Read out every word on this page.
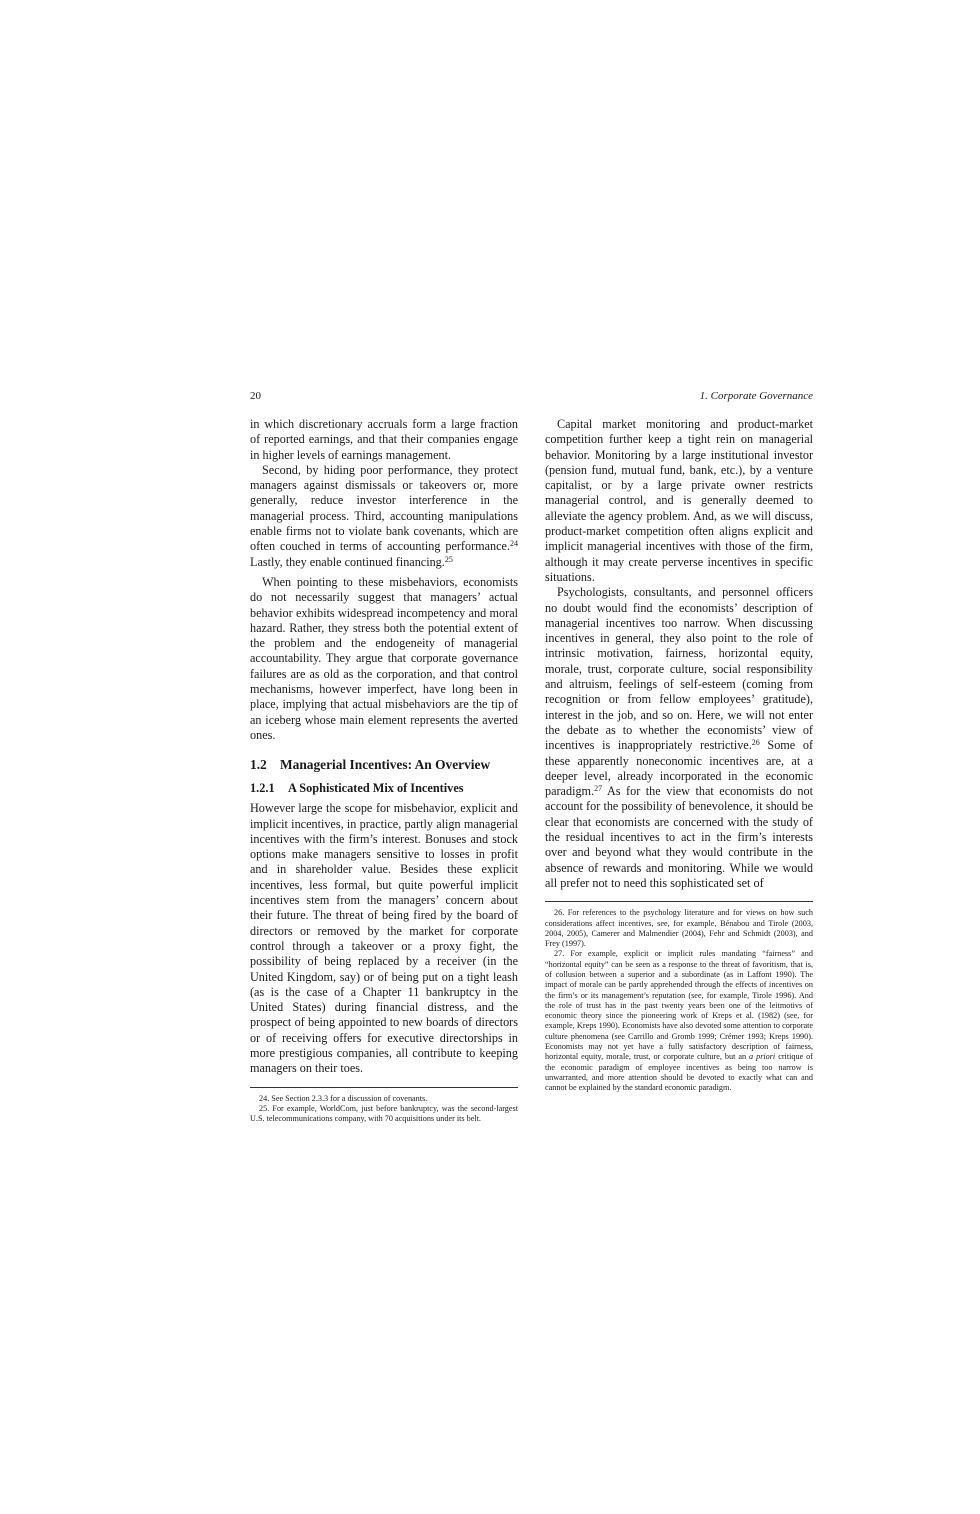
20	1. Corporate Governance

in which discretionary accruals form a large fraction of reported earnings, and that their companies engage in higher levels of earnings management.

Second, by hiding poor performance, they protect managers against dismissals or takeovers or, more generally, reduce investor interference in the managerial process. Third, accounting manipulations enable firms not to violate bank covenants, which are often couched in terms of accounting performance.$^{24}$ Lastly, they enable continued financing.$^{25}$

When pointing to these misbehaviors, economists do not necessarily suggest that managers’ actual behavior exhibits widespread incompetency and moral hazard. Rather, they stress both the potential extent of the problem and the endogeneity of managerial accountability. They argue that corporate governance failures are as old as the corporation, and that control mechanisms, however imperfect, have long been in place, implying that actual misbehaviors are the tip of an iceberg whose main element represents the averted ones.

1.2 Managerial Incentives: An Overview
1.2.1 A Sophisticated Mix of Incentives

However large the scope for misbehavior, explicit and implicit incentives, in practice, partly align managerial incentives with the firm’s interest. Bonuses and stock options make managers sensitive to losses in profit and in shareholder value. Besides these explicit incentives, less formal, but quite powerful implicit incentives stem from the managers’ concern about their future. The threat of being fired by the board of directors or removed by the market for corporate control through a takeover or a proxy fight, the possibility of being replaced by a receiver (in the United Kingdom, say) or of being put on a tight leash (as is the case of a Chapter 11 bankruptcy in the United States) during financial distress, and the prospect of being appointed to new boards of directors or of receiving offers for executive directorships in more prestigious companies, all contribute to keeping managers on their toes.

24. See Section 2.3.3 for a discussion of covenants.

25. For example, WorldCom, just before bankruptcy, was the second-largest U.S. telecommunications company, with 70 acquisitions under its belt.

Capital market monitoring and product-market competition further keep a tight rein on managerial behavior. Monitoring by a large institutional investor (pension fund, mutual fund, bank, etc.), by a venture capitalist, or by a large private owner restricts managerial control, and is generally deemed to alleviate the agency problem. And, as we will discuss, product-market competition often aligns explicit and implicit managerial incentives with those of the firm, although it may create perverse incentives in specific situations.

Psychologists, consultants, and personnel officers no doubt would find the economists’ description of managerial incentives too narrow. When discussing incentives in general, they also point to the role of intrinsic motivation, fairness, horizontal equity, morale, trust, corporate culture, social responsibility and altruism, feelings of self-esteem (coming from recognition or from fellow employees’ gratitude), interest in the job, and so on. Here, we will not enter the debate as to whether the economists’ view of incentives is inappropriately restrictive.$^{26}$ Some of these apparently noneconomic incentives are, at a deeper level, already incorporated in the economic paradigm.$^{27}$ As for the view that economists do not account for the possibility of benevolence, it should be clear that economists are concerned with the study of the residual incentives to act in the firm’s interests over and beyond what they would contribute in the absence of rewards and monitoring. While we would all prefer not to need this sophisticated set of

26. For references to the psychology literature and for views on how such considerations affect incentives, see, for example, Bénabou and Tirole (2003, 2004, 2005), Camerer and Malmendier (2004), Fehr and Schmidt (2003), and Frey (1997).

27. For example, explicit or implicit rules mandating “fairness” and “horizontal equity” can be seen as a response to the threat of favoritism, that is, of collusion between a superior and a subordinate (as in Laffont 1990). The impact of morale can be partly apprehended through the effects of incentives on the firm’s or its management’s reputation (see, for example, Tirole 1996). And the role of trust has in the past twenty years been one of the leitmotivs of economic theory since the pioneering work of Kreps et al. (1982) (see, for example, Kreps 1990). Economists have also devoted some attention to corporate culture phenomena (see Carrillo and Gromb 1999; Crémer 1993; Kreps 1990). Economists may not yet have a fully satisfactory description of fairness, horizontal equity, morale, trust, or corporate culture, but an a priori critique of the economic paradigm of employee incentives as being too narrow is unwarranted, and more attention should be devoted to exactly what can and cannot be explained by the standard economic paradigm.
